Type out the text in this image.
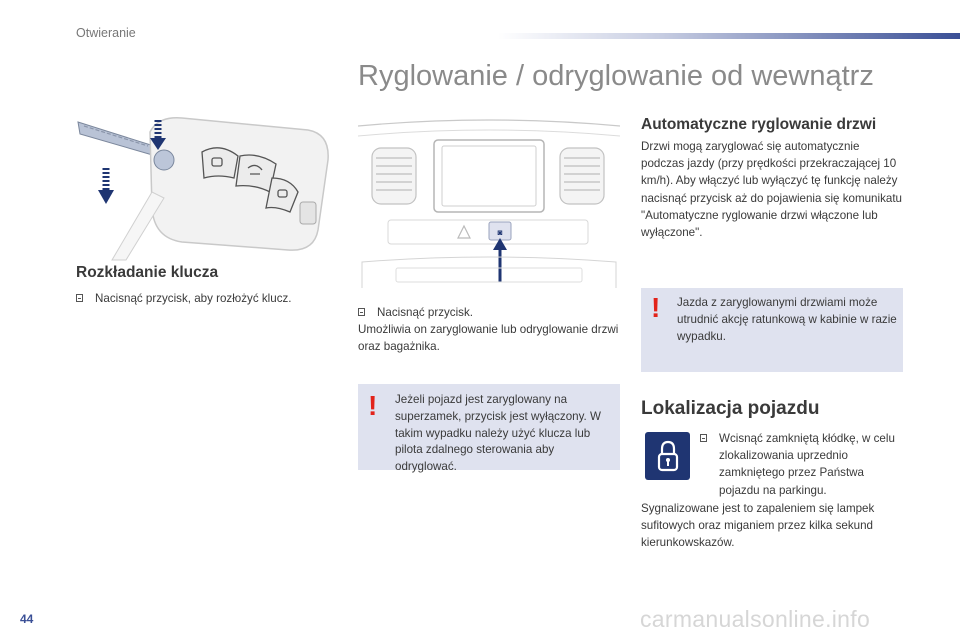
Otwieranie
Ryglowanie / odryglowanie od wewnątrz
Rozkładanie klucza
Nacisnąć przycisk, aby rozłożyć klucz.
◙
Nacisnąć przycisk.
Umożliwia on zaryglowanie lub odryglowanie drzwi oraz bagażnika.
! Jeżeli pojazd jest zaryglowany na superzamek, przycisk jest wyłączony. W takim wypadku należy użyć klucza lub pilota zdalnego sterowania aby odryglować.
Automatyczne ryglowanie drzwi
Drzwi mogą zaryglować się automatycznie podczas jazdy (przy prędkości przekraczającej 10 km/h). Aby włączyć lub wyłączyć tę funkcję należy nacisnąć przycisk aż do pojawienia się komunikatu "Automatyczne ryglowanie drzwi włączone lub wyłączone".
! Jazda z zaryglowanymi drzwiami może utrudnić akcję ratunkową w kabinie w razie wypadku.
Lokalizacja pojazdu
Wcisnąć zamkniętą kłódkę, w celu zlokalizowania uprzednio zamkniętego przez Państwa pojazdu na parkingu.
Sygnalizowane jest to zapaleniem się lampek sufitowych oraz miganiem przez kilka sekund kierunkowskazów.
44	carmanualsonline.info
